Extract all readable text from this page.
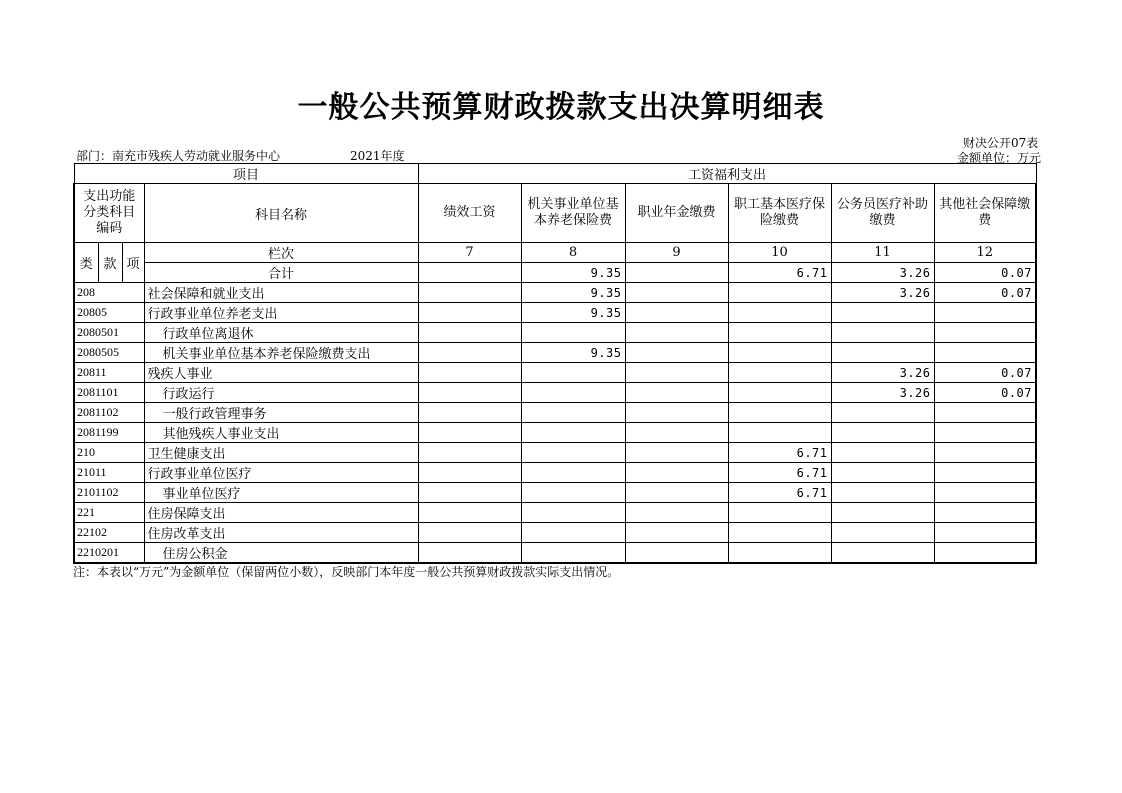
一般公共预算财政拨款支出决算明细表
财决公开07表
部门：南充市残疾人劳动就业服务中心	2021年度	金额单位：万元
项目				工资福利支出					
支出功能分类科目编码			科目名称	绩效工资	机关事业单位基本养老保险费	职业年金缴费	职工基本医疗保险缴费	公务员医疗补助缴费	其他社会保障缴费
类	款	项	栏次	7	8	9	10	11	12
			合计		9.35		6.71	3.26	0.07
208			社会保障和就业支出		9.35			3.26	0.07
20805			行政事业单位养老支出		9.35				
2080501			行政单位离退休						
2080505			机关事业单位基本养老保险缴费支出		9.35				
20811			残疾人事业					3.26	0.07
2081101			行政运行					3.26	0.07
2081102			一般行政管理事务						
2081199			其他残疾人事业支出						
210			卫生健康支出				6.71		
21011			行政事业单位医疗				6.71		
2101102			事业单位医疗				6.71		
221			住房保障支出						
22102			住房改革支出						
2210201			住房公积金						
注：本表以“万元”为金额单位（保留两位小数），反映部门本年度一般公共预算财政拨款实际支出情况。
